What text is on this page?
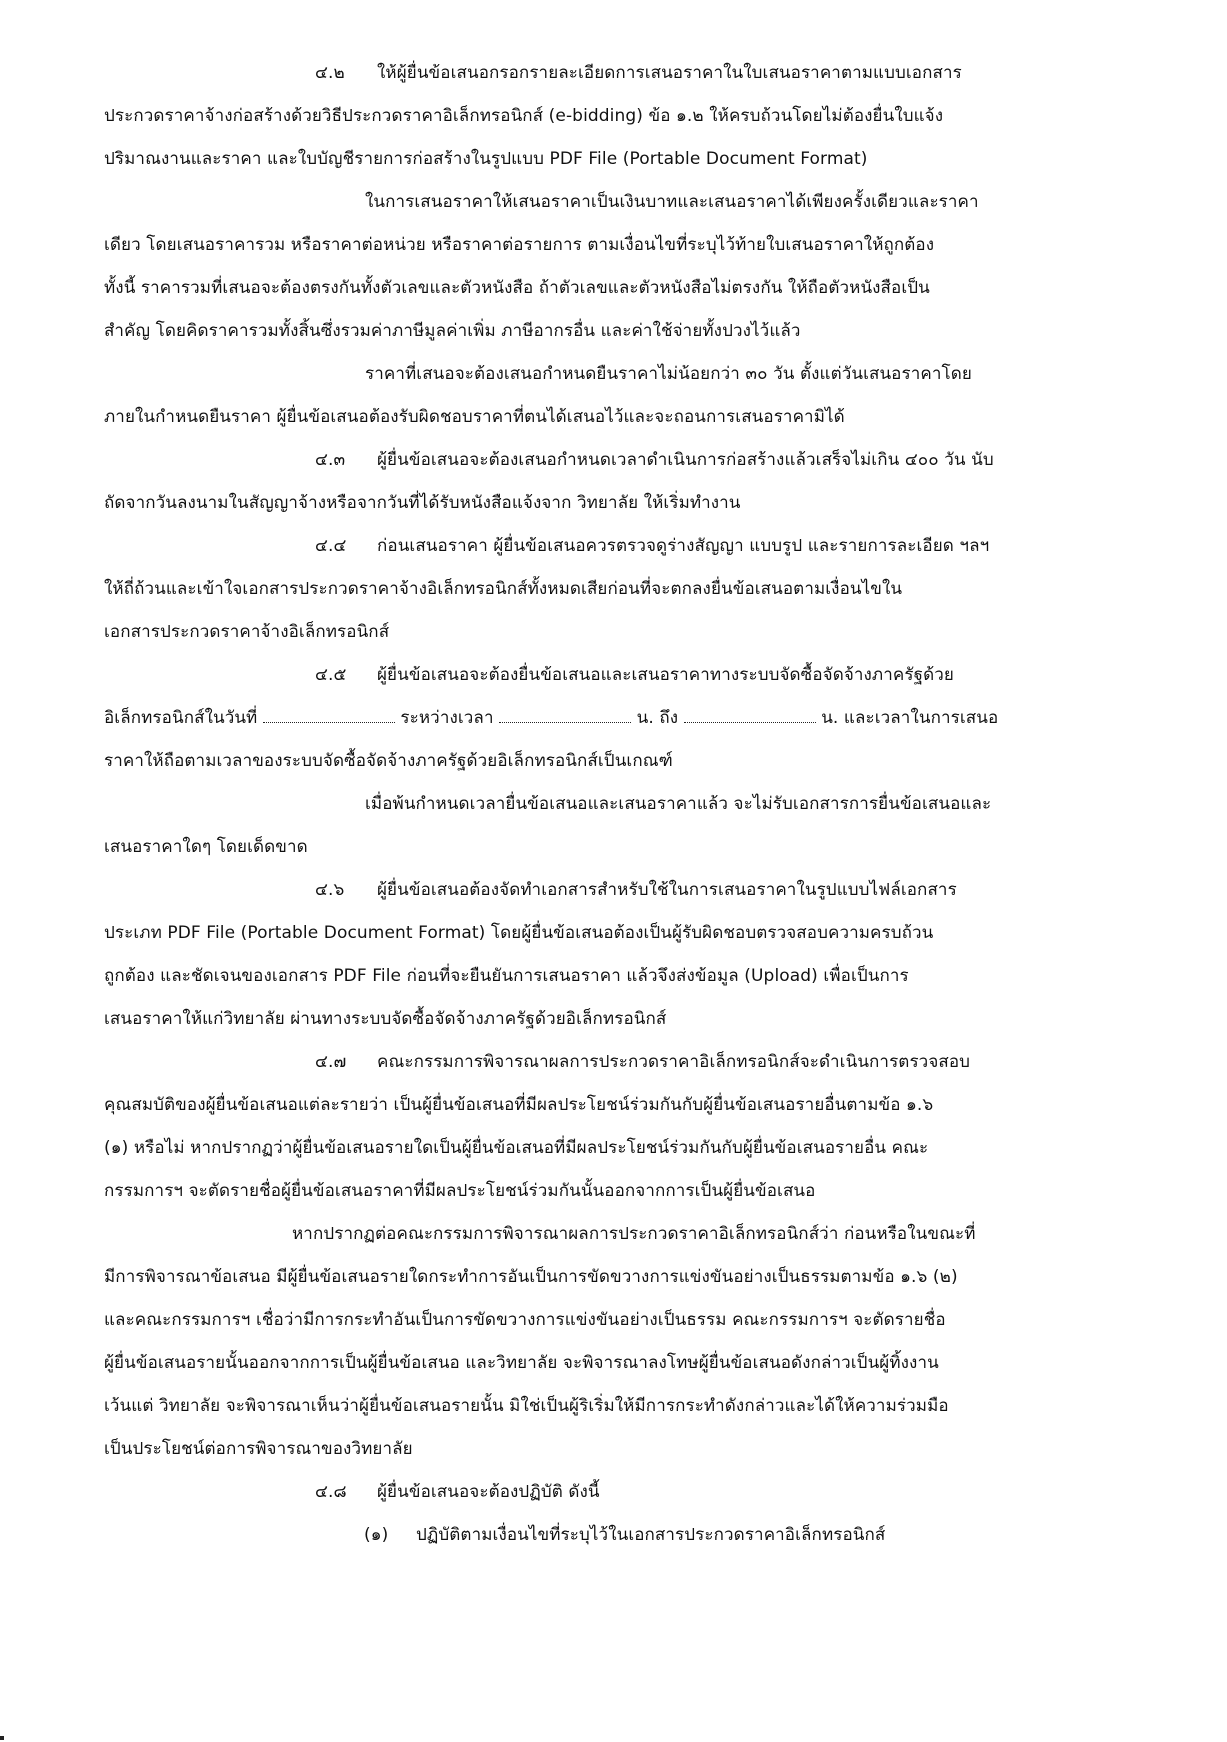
๔.๒ ให้ผู้ยื่นข้อเสนอกรอกรายละเอียดการเสนอราคาในใบเสนอราคาตามแบบเอกสาร
ประกวดราคาจ้างก่อสร้างด้วยวิธีประกวดราคาอิเล็กทรอนิกส์ (e-bidding) ข้อ ๑.๒ ให้ครบถ้วนโดยไม่ต้องยื่นใบแจ้ง
ปริมาณงานและราคา และใบบัญชีรายการก่อสร้างในรูปแบบ PDF File (Portable Document Format)
ในการเสนอราคาให้เสนอราคาเป็นเงินบาทและเสนอราคาได้เพียงครั้งเดียวและราคา
เดียว โดยเสนอราคารวม หรือราคาต่อหน่วย หรือราคาต่อรายการ ตามเงื่อนไขที่ระบุไว้ท้ายใบเสนอราคาให้ถูกต้อง
ทั้งนี้ ราคารวมที่เสนอจะต้องตรงกันทั้งตัวเลขและตัวหนังสือ ถ้าตัวเลขและตัวหนังสือไม่ตรงกัน ให้ถือตัวหนังสือเป็น
สำคัญ โดยคิดราคารวมทั้งสิ้นซึ่งรวมค่าภาษีมูลค่าเพิ่ม ภาษีอากรอื่น และค่าใช้จ่ายทั้งปวงไว้แล้ว
ราคาที่เสนอจะต้องเสนอกำหนดยืนราคาไม่น้อยกว่า ๓๐ วัน ตั้งแต่วันเสนอราคาโดย
ภายในกำหนดยืนราคา ผู้ยื่นข้อเสนอต้องรับผิดชอบราคาที่ตนได้เสนอไว้และจะถอนการเสนอราคามิได้
๔.๓ ผู้ยื่นข้อเสนอจะต้องเสนอกำหนดเวลาดำเนินการก่อสร้างแล้วเสร็จไม่เกิน ๔๐๐ วัน นับ
ถัดจากวันลงนามในสัญญาจ้างหรือจากวันที่ได้รับหนังสือแจ้งจาก วิทยาลัย ให้เริ่มทำงาน
๔.๔ ก่อนเสนอราคา ผู้ยื่นข้อเสนอควรตรวจดูร่างสัญญา แบบรูป และรายการละเอียด ฯลฯ
ให้ถี่ถ้วนและเข้าใจเอกสารประกวดราคาจ้างอิเล็กทรอนิกส์ทั้งหมดเสียก่อนที่จะตกลงยื่นข้อเสนอตามเงื่อนไขใน
เอกสารประกวดราคาจ้างอิเล็กทรอนิกส์
๔.๕ ผู้ยื่นข้อเสนอจะต้องยื่นข้อเสนอและเสนอราคาทางระบบจัดซื้อจัดจ้างภาครัฐด้วย
อิเล็กทรอนิกส์ในวันที่	ระหว่างเวลา	น. ถึง	น. และเวลาในการเสนอ
ราคาให้ถือตามเวลาของระบบจัดซื้อจัดจ้างภาครัฐด้วยอิเล็กทรอนิกส์เป็นเกณฑ์
เมื่อพ้นกำหนดเวลายื่นข้อเสนอและเสนอราคาแล้ว จะไม่รับเอกสารการยื่นข้อเสนอและ
เสนอราคาใดๆ โดยเด็ดขาด
๔.๖ ผู้ยื่นข้อเสนอต้องจัดทำเอกสารสำหรับใช้ในการเสนอราคาในรูปแบบไฟล์เอกสาร
ประเภท PDF File (Portable Document Format) โดยผู้ยื่นข้อเสนอต้องเป็นผู้รับผิดชอบตรวจสอบความครบถ้วน
ถูกต้อง และชัดเจนของเอกสาร PDF File ก่อนที่จะยืนยันการเสนอราคา แล้วจึงส่งข้อมูล (Upload) เพื่อเป็นการ
เสนอราคาให้แก่วิทยาลัย ผ่านทางระบบจัดซื้อจัดจ้างภาครัฐด้วยอิเล็กทรอนิกส์
๔.๗ คณะกรรมการพิจารณาผลการประกวดราคาอิเล็กทรอนิกส์จะดำเนินการตรวจสอบ
คุณสมบัติของผู้ยื่นข้อเสนอแต่ละรายว่า เป็นผู้ยื่นข้อเสนอที่มีผลประโยชน์ร่วมกันกับผู้ยื่นข้อเสนอรายอื่นตามข้อ ๑.๖
(๑) หรือไม่ หากปรากฏว่าผู้ยื่นข้อเสนอรายใดเป็นผู้ยื่นข้อเสนอที่มีผลประโยชน์ร่วมกันกับผู้ยื่นข้อเสนอรายอื่น คณะ
กรรมการฯ จะตัดรายชื่อผู้ยื่นข้อเสนอราคาที่มีผลประโยชน์ร่วมกันนั้นออกจากการเป็นผู้ยื่นข้อเสนอ
หากปรากฏต่อคณะกรรมการพิจารณาผลการประกวดราคาอิเล็กทรอนิกส์ว่า ก่อนหรือในขณะที่
มีการพิจารณาข้อเสนอ มีผู้ยื่นข้อเสนอรายใดกระทำการอันเป็นการขัดขวางการแข่งขันอย่างเป็นธรรมตามข้อ ๑.๖ (๒)
และคณะกรรมการฯ เชื่อว่ามีการกระทำอันเป็นการขัดขวางการแข่งขันอย่างเป็นธรรม คณะกรรมการฯ จะตัดรายชื่อ
ผู้ยื่นข้อเสนอรายนั้นออกจากการเป็นผู้ยื่นข้อเสนอ และวิทยาลัย จะพิจารณาลงโทษผู้ยื่นข้อเสนอดังกล่าวเป็นผู้ทิ้งงาน
เว้นแต่ วิทยาลัย จะพิจารณาเห็นว่าผู้ยื่นข้อเสนอรายนั้น มิใช่เป็นผู้ริเริ่มให้มีการกระทำดังกล่าวและได้ให้ความร่วมมือ
เป็นประโยชน์ต่อการพิจารณาของวิทยาลัย
๔.๘ ผู้ยื่นข้อเสนอจะต้องปฏิบัติ ดังนี้
(๑) ปฏิบัติตามเงื่อนไขที่ระบุไว้ในเอกสารประกวดราคาอิเล็กทรอนิกส์
